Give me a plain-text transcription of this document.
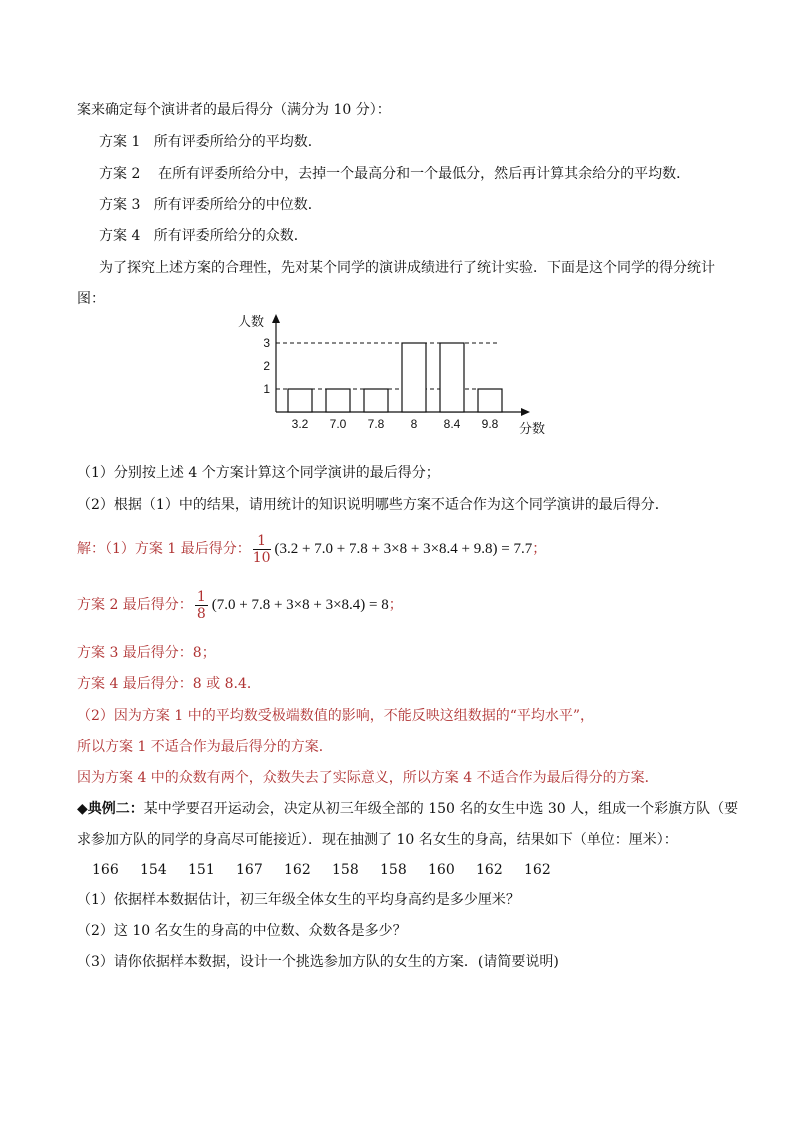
案来确定每个演讲者的最后得分（满分为 10 分）：
方案 1 所有评委所给分的平均数．
方案 2 在所有评委所给分中，去掉一个最高分和一个最低分，然后再计算其余给分的平均数．
方案 3 所有评委所给分的中位数．
方案 4 所有评委所给分的众数．
为了探究上述方案的合理性，先对某个同学的演讲成绩进行了统计实验．下面是这个同学的得分统计
图：
人数
1
2
3
3.2 7.0 7.8 8 8.4 9.8 分数
（1）分别按上述 4 个方案计算这个同学演讲的最后得分；
（2）根据（1）中的结果，请用统计的知识说明哪些方案不适合作为这个同学演讲的最后得分．
解：（1）方案 1 最后得分： $\frac{1}{10} (3.2 + 7.0 + 7.8 + 3\times 8 + 3\times 8.4 + 9.8) = 7.7$；
方案 2 最后得分： $\frac{1}{8} (7.0 + 7.8 + 3\times 8 + 3\times 8.4) = 8$；
方案 3 最后得分：8；
方案 4 最后得分：8 或 8.4．
（2）因为方案 1 中的平均数受极端数值的影响，不能反映这组数据的“平均水平”，
所以方案 1 不适合作为最后得分的方案．
因为方案 4 中的众数有两个，众数失去了实际意义，所以方案 4 不适合作为最后得分的方案．
◆典例二：某中学要召开运动会，决定从初三年级全部的 150 名的女生中选 30 人，组成一个彩旗方队（要
求参加方队的同学的身高尽可能接近）．现在抽测了 10 名女生的身高，结果如下（单位：厘米）：
166 154 151 167 162 158 158 160 162 162
（1）依据样本数据估计，初三年级全体女生的平均身高约是多少厘米？
（2）这 10 名女生的身高的中位数、众数各是多少？
（3）请你依据样本数据，设计一个挑选参加方队的女生的方案．(请简要说明)
